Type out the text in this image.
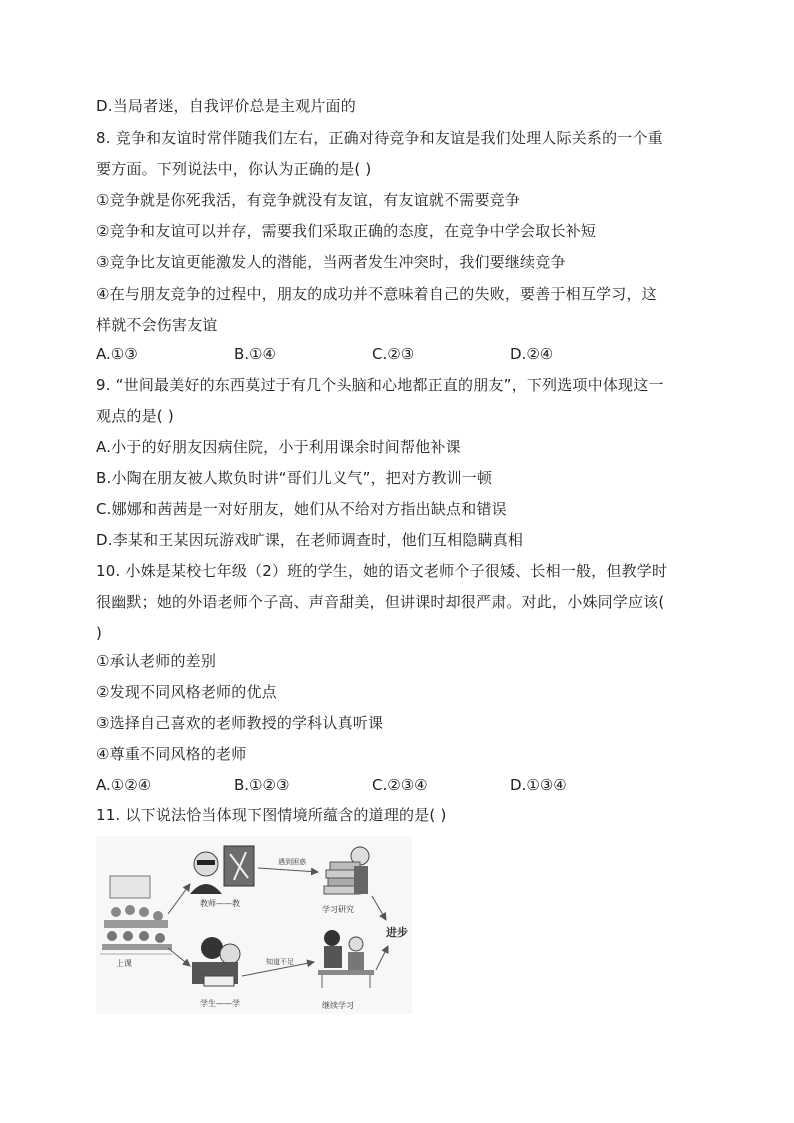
D.当局者迷，自我评价总是主观片面的
8. 竞争和友谊时常伴随我们左右，正确对待竞争和友谊是我们处理人际关系的一个重
要方面。下列说法中，你认为正确的是( )
①竞争就是你死我活，有竞争就没有友谊，有友谊就不需要竞争
②竞争和友谊可以并存，需要我们采取正确的态度，在竞争中学会取长补短
③竞争比友谊更能激发人的潜能，当两者发生冲突时，我们要继续竞争
④在与朋友竞争的过程中，朋友的成功并不意味着自己的失败，要善于相互学习，这
样就不会伤害友谊
A.①③	B.①④	C.②③	D.②④
9. “世间最美好的东西莫过于有几个头脑和心地都正直的朋友”，下列选项中体现这一
观点的是( )
A.小于的好朋友因病住院，小于利用课余时间帮他补课
B.小陶在朋友被人欺负时讲“哥们儿义气”，把对方教训一顿
C.娜娜和茜茜是一对好朋友，她们从不给对方指出缺点和错误
D.李某和王某因玩游戏旷课，在老师调查时，他们互相隐瞒真相
10. 小姝是某校七年级（2）班的学生，她的语文老师个子很矮、长相一般，但教学时
很幽默；她的外语老师个子高、声音甜美，但讲课时却很严肃。对此，小姝同学应该(
)
①承认老师的差别
②发现不同风格老师的优点
③选择自己喜欢的老师教授的学科认真听课
④尊重不同风格的老师
A.①②④	B.①②③	C.②③④	D.①③④
11. 以下说法恰当体现下图情境所蕴含的道理的是( )
上课
教师——教
学生——学
学习研究
继续学习
遇到困惑
知道不足
进步
